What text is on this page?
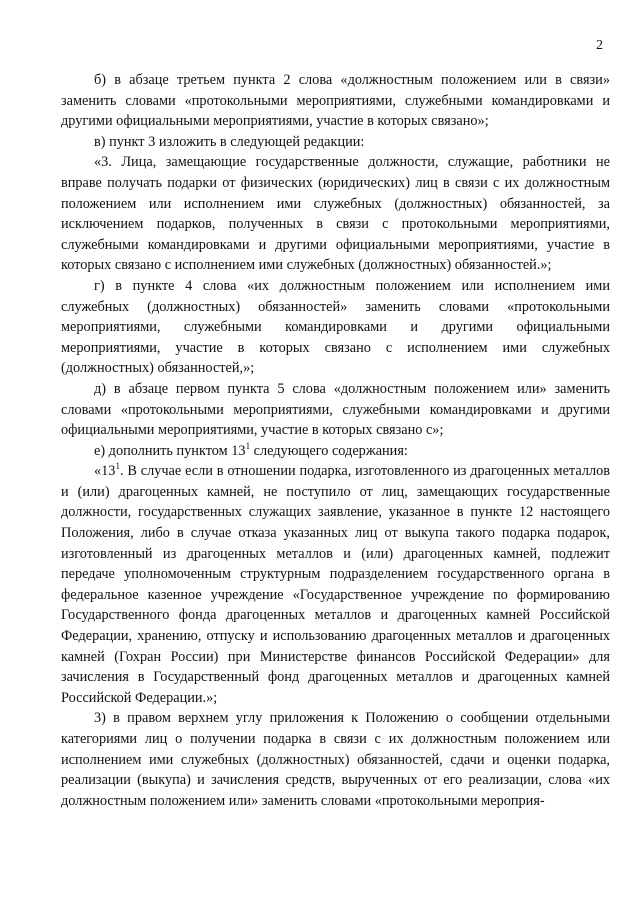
2

б) в абзаце третьем пункта 2 слова «должностным положением или в связи» заменить словами «протокольными мероприятиями, служебными командировками и другими официальными мероприятиями, участие в которых связано»;

в) пункт 3 изложить в следующей редакции:

«3. Лица, замещающие государственные должности, служащие, работники не вправе получать подарки от физических (юридических) лиц в связи с их должностным положением или исполнением ими служебных (должностных) обязанностей, за исключением подарков, полученных в связи с протокольными мероприятиями, служебными командировками и другими официальными мероприятиями, участие в которых связано с исполнением ими служебных (должностных) обязанностей.»;

г) в пункте 4 слова «их должностным положением или исполнением ими служебных (должностных) обязанностей» заменить словами «протокольными мероприятиями, служебными командировками и другими официальными мероприятиями, участие в которых связано с исполнением ими служебных (должностных) обязанностей,»;

д) в абзаце первом пункта 5 слова «должностным положением или» заменить словами «протокольными мероприятиями, служебными командировками и другими официальными мероприятиями, участие в которых связано с»;

е) дополнить пунктом $13^1$ следующего содержания:

«$13^1$. В случае если в отношении подарка, изготовленного из драгоценных металлов и (или) драгоценных камней, не поступило от лиц, замещающих государственные должности, государственных служащих заявление, указанное в пункте 12 настоящего Положения, либо в случае отказа указанных лиц от выкупа такого подарка подарок, изготовленный из драгоценных металлов и (или) драгоценных камней, подлежит передаче уполномоченным структурным подразделением государственного органа в федеральное казенное учреждение «Государственное учреждение по формированию Государственного фонда драгоценных металлов и драгоценных камней Российской Федерации, хранению, отпуску и использованию драгоценных металлов и драгоценных камней (Гохран России) при Министерстве финансов Российской Федерации» для зачисления в Государственный фонд драгоценных металлов и драгоценных камней Российской Федерации.»;

3) в правом верхнем углу приложения к Положению о сообщении отдельными категориями лиц о получении подарка в связи с их должностным положением или исполнением ими служебных (должностных) обязанностей, сдачи и оценки подарка, реализации (выкупа) и зачисления средств, вырученных от его реализации, слова «их должностным положением или» заменить словами «протокольными мероприя-
